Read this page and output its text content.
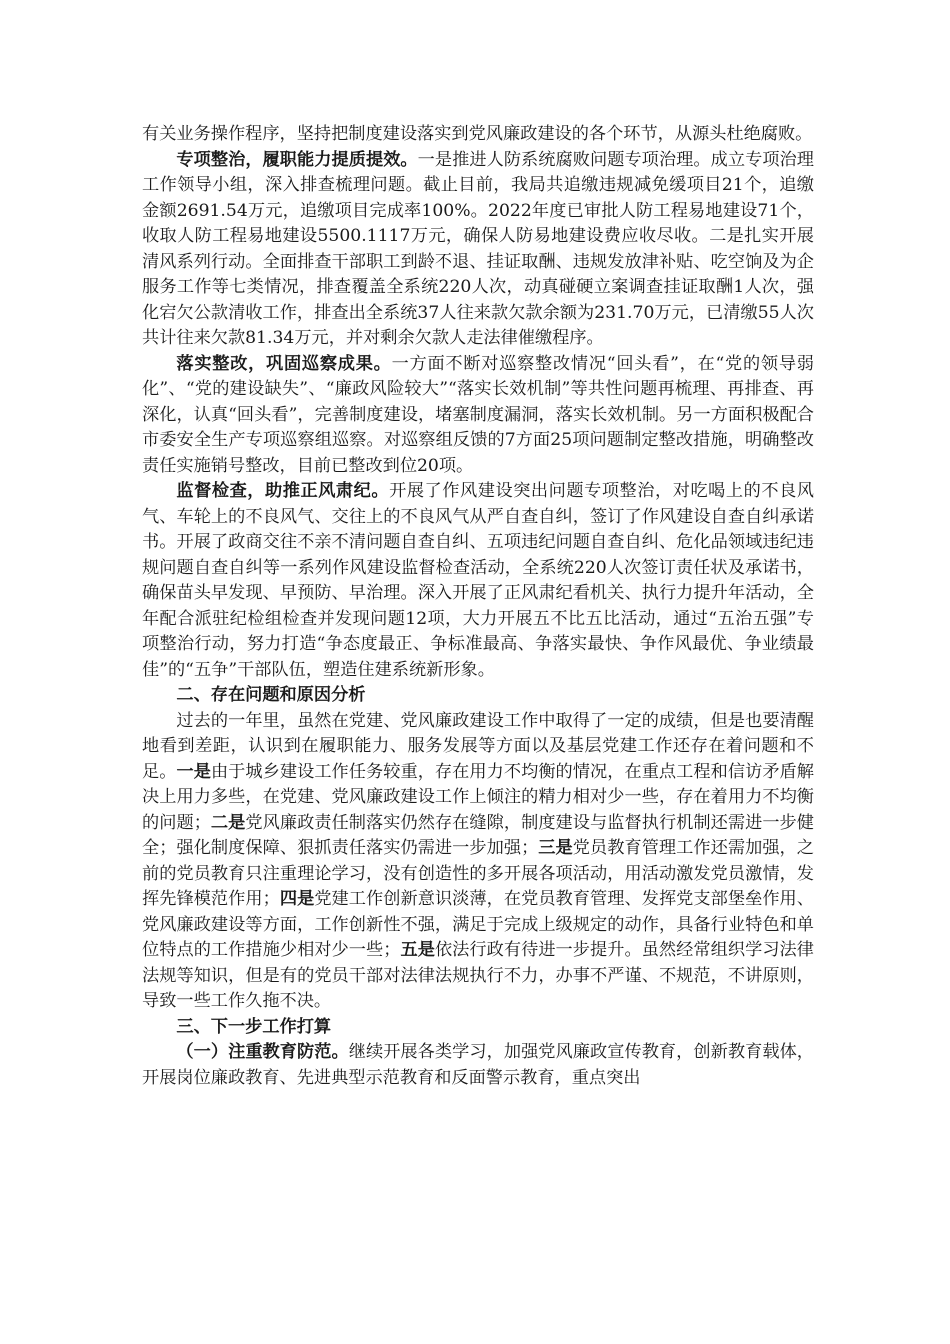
有关业务操作程序，坚持把制度建设落实到党风廉政建设的各个环节，从源头杜绝腐败。

专项整治，履职能力提质提效。一是推进人防系统腐败问题专项治理。成立专项治理工作领导小组，深入排查梳理问题。截止目前，我局共追缴违规减免缓项目21个，追缴金额2691.54万元，追缴项目完成率100%。2022年度已审批人防工程易地建设71个，收取人防工程易地建设5500.1117万元，确保人防易地建设费应收尽收。二是扎实开展清风系列行动。全面排查干部职工到龄不退、挂证取酬、违规发放津补贴、吃空饷及为企服务工作等七类情况，排查覆盖全系统220人次，动真碰硬立案调查挂证取酬1人次，强化宕欠公款清收工作，排查出全系统37人往来款欠款余额为231.70万元，已清缴55人次共计往来欠款81.34万元，并对剩余欠款人走法律催缴程序。

落实整改，巩固巡察成果。一方面不断对巡察整改情况“回头看”，在“党的领导弱化”、“党的建设缺失”、“廉政风险较大”“落实长效机制”等共性问题再梳理、再排查、再深化，认真“回头看”，完善制度建设，堵塞制度漏洞，落实长效机制。另一方面积极配合市委安全生产专项巡察组巡察。对巡察组反馈的7方面25项问题制定整改措施，明确整改责任实施销号整改，目前已整改到位20项。

监督检查，助推正风肃纪。开展了作风建设突出问题专项整治，对吃喝上的不良风气、车轮上的不良风气、交往上的不良风气从严自查自纠，签订了作风建设自查自纠承诺书。开展了政商交往不亲不清问题自查自纠、五项违纪问题自查自纠、危化品领域违纪违规问题自查自纠等一系列作风建设监督检查活动，全系统220人次签订责任状及承诺书，确保苗头早发现、早预防、早治理。深入开展了正风肃纪看机关、执行力提升年活动，全年配合派驻纪检组检查并发现问题12项，大力开展五不比五比活动，通过“五治五强”专项整治行动，努力打造“争态度最正、争标准最高、争落实最快、争作风最优、争业绩最佳”的“五争”干部队伍，塑造住建系统新形象。

二、存在问题和原因分析

过去的一年里，虽然在党建、党风廉政建设工作中取得了一定的成绩，但是也要清醒地看到差距，认识到在履职能力、服务发展等方面以及基层党建工作还存在着问题和不足。一是由于城乡建设工作任务较重，存在用力不均衡的情况，在重点工程和信访矛盾解决上用力多些，在党建、党风廉政建设工作上倾注的精力相对少一些，存在着用力不均衡的问题；二是党风廉政责任制落实仍然存在缝隙，制度建设与监督执行机制还需进一步健全；强化制度保障、狠抓责任落实仍需进一步加强；三是党员教育管理工作还需加强，之前的党员教育只注重理论学习，没有创造性的多开展各项活动，用活动激发党员激情，发挥先锋模范作用；四是党建工作创新意识淡薄，在党员教育管理、发挥党支部堡垒作用、党风廉政建设等方面，工作创新性不强，满足于完成上级规定的动作，具备行业特色和单位特点的工作措施少相对少一些；五是依法行政有待进一步提升。虽然经常组织学习法律法规等知识，但是有的党员干部对法律法规执行不力，办事不严谨、不规范，不讲原则，导致一些工作久拖不决。

三、下一步工作打算

（一）注重教育防范。继续开展各类学习，加强党风廉政宣传教育，创新教育载体，开展岗位廉政教育、先进典型示范教育和反面警示教育，重点突出
